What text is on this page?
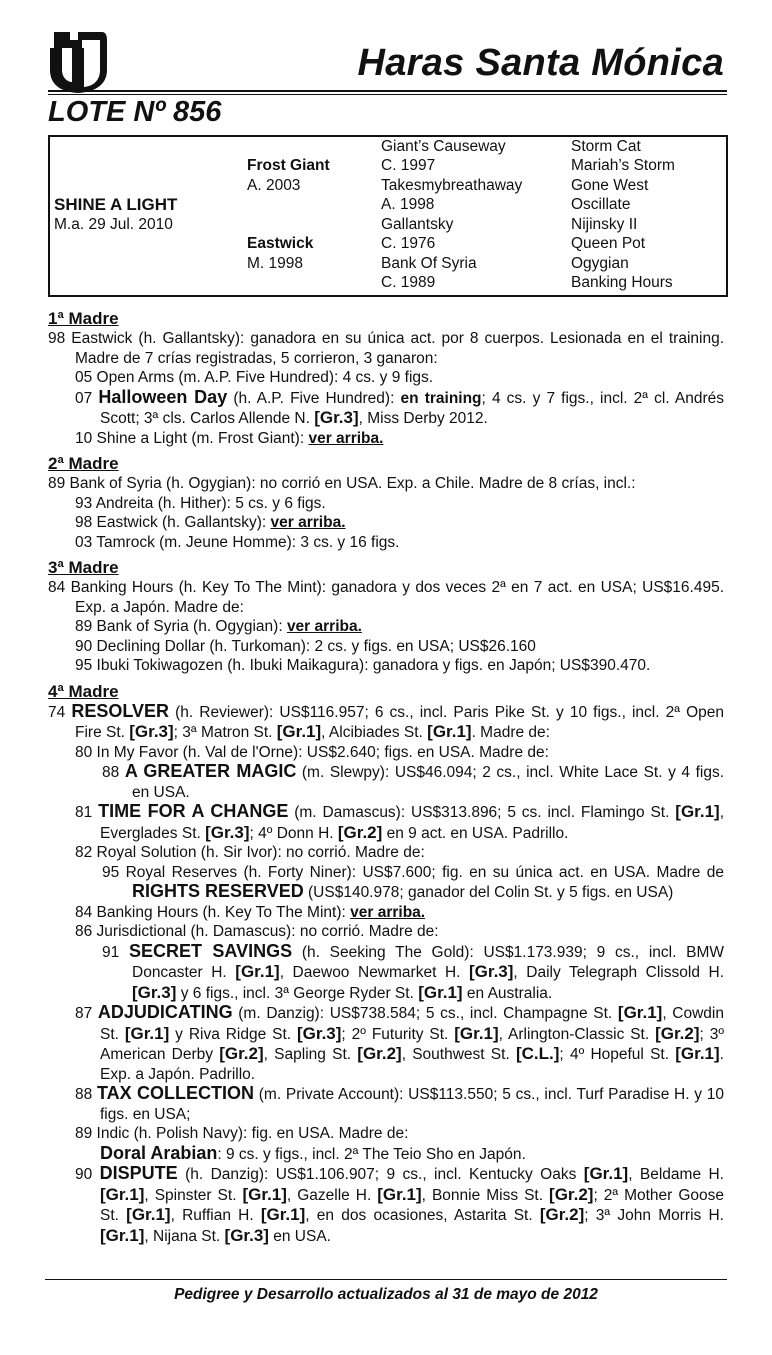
Haras Santa Mónica
LOTE Nº 856
SHINE A LIGHT
M.a. 29 Jul. 2010
Frost Giant
A. 2003
Eastwick
M. 1998
Giant’s Causeway
C. 1997
Takesmybreathaway
A. 1998
Gallantsky
C. 1976
Bank Of Syria
C. 1989
Storm Cat
Mariah’s Storm
Gone West
Oscillate
Nijinsky II
Queen Pot
Ogygian
Banking Hours
1ª Madre
98 Eastwick (h. Gallantsky): ganadora en su única act. por 8 cuerpos. Lesionada en el training. Madre de 7 crías registradas, 5 corrieron, 3 ganaron:
05 Open Arms (m. A.P. Five Hundred): 4 cs. y 9 figs.
07 Halloween Day (h. A.P. Five Hundred): en training; 4 cs. y 7 figs., incl. 2ª cl. Andrés Scott; 3ª cls. Carlos Allende N. [Gr.3], Miss Derby 2012.
10 Shine a Light (m. Frost Giant): ver arriba.
2ª Madre
89 Bank of Syria (h. Ogygian): no corrió en USA. Exp. a Chile. Madre de 8 crías, incl.:
93 Andreita (h. Hither): 5 cs. y 6 figs.
98 Eastwick (h. Gallantsky): ver arriba.
03 Tamrock (m. Jeune Homme): 3 cs. y 16 figs.
3ª Madre
84 Banking Hours (h. Key To The Mint): ganadora y dos veces 2ª en 7 act. en USA; US$16.495. Exp. a Japón. Madre de:
89 Bank of Syria (h. Ogygian): ver arriba.
90 Declining Dollar (h. Turkoman): 2 cs. y figs. en USA; US$26.160
95 Ibuki Tokiwagozen (h. Ibuki Maikagura): ganadora y figs. en Japón; US$390.470.
4ª Madre
74 RESOLVER (h. Reviewer): US$116.957; 6 cs., incl. Paris Pike St. y 10 figs., incl. 2ª Open Fire St. [Gr.3]; 3ª Matron St. [Gr.1], Alcibiades St. [Gr.1]. Madre de:
80 In My Favor (h. Val de l'Orne): US$2.640; figs. en USA. Madre de:
88 A GREATER MAGIC (m. Slewpy): US$46.094; 2 cs., incl. White Lace St. y 4 figs. en USA.
81 TIME FOR A CHANGE (m. Damascus): US$313.896; 5 cs. incl. Flamingo St. [Gr.1], Everglades St. [Gr.3]; 4º Donn H. [Gr.2] en 9 act. en USA. Padrillo.
82 Royal Solution (h. Sir Ivor): no corrió. Madre de:
95 Royal Reserves (h. Forty Niner): US$7.600; fig. en su única act. en USA. Madre de RIGHTS RESERVED (US$140.978; ganador del Colin St. y 5 figs. en USA)
84 Banking Hours (h. Key To The Mint): ver arriba.
86 Jurisdictional (h. Damascus): no corrió. Madre de:
91 SECRET SAVINGS (h. Seeking The Gold): US$1.173.939; 9 cs., incl. BMW Doncaster H. [Gr.1], Daewoo Newmarket H. [Gr.3], Daily Telegraph Clissold H. [Gr.3] y 6 figs., incl. 3ª George Ryder St. [Gr.1] en Australia.
87 ADJUDICATING (m. Danzig): US$738.584; 5 cs., incl. Champagne St. [Gr.1], Cowdin St. [Gr.1] y Riva Ridge St. [Gr.3]; 2º Futurity St. [Gr.1], Arlington-Classic St. [Gr.2]; 3º American Derby [Gr.2], Sapling St. [Gr.2], Southwest St. [C.L.]; 4º Hopeful St. [Gr.1]. Exp. a Japón. Padrillo.
88 TAX COLLECTION (m. Private Account): US$113.550; 5 cs., incl. Turf Paradise H. y 10 figs. en USA;
89 Indic (h. Polish Navy): fig. en USA. Madre de:
Doral Arabian: 9 cs. y figs., incl. 2ª The Teio Sho en Japón.
90 DISPUTE (h. Danzig): US$1.106.907; 9 cs., incl. Kentucky Oaks [Gr.1], Beldame H. [Gr.1], Spinster St. [Gr.1], Gazelle H. [Gr.1], Bonnie Miss St. [Gr.2]; 2ª Mother Goose St. [Gr.1], Ruffian H. [Gr.1], en dos ocasiones, Astarita St. [Gr.2]; 3ª John Morris H. [Gr.1], Nijana St. [Gr.3] en USA.
Pedigree y Desarrollo actualizados al 31 de mayo de 2012
